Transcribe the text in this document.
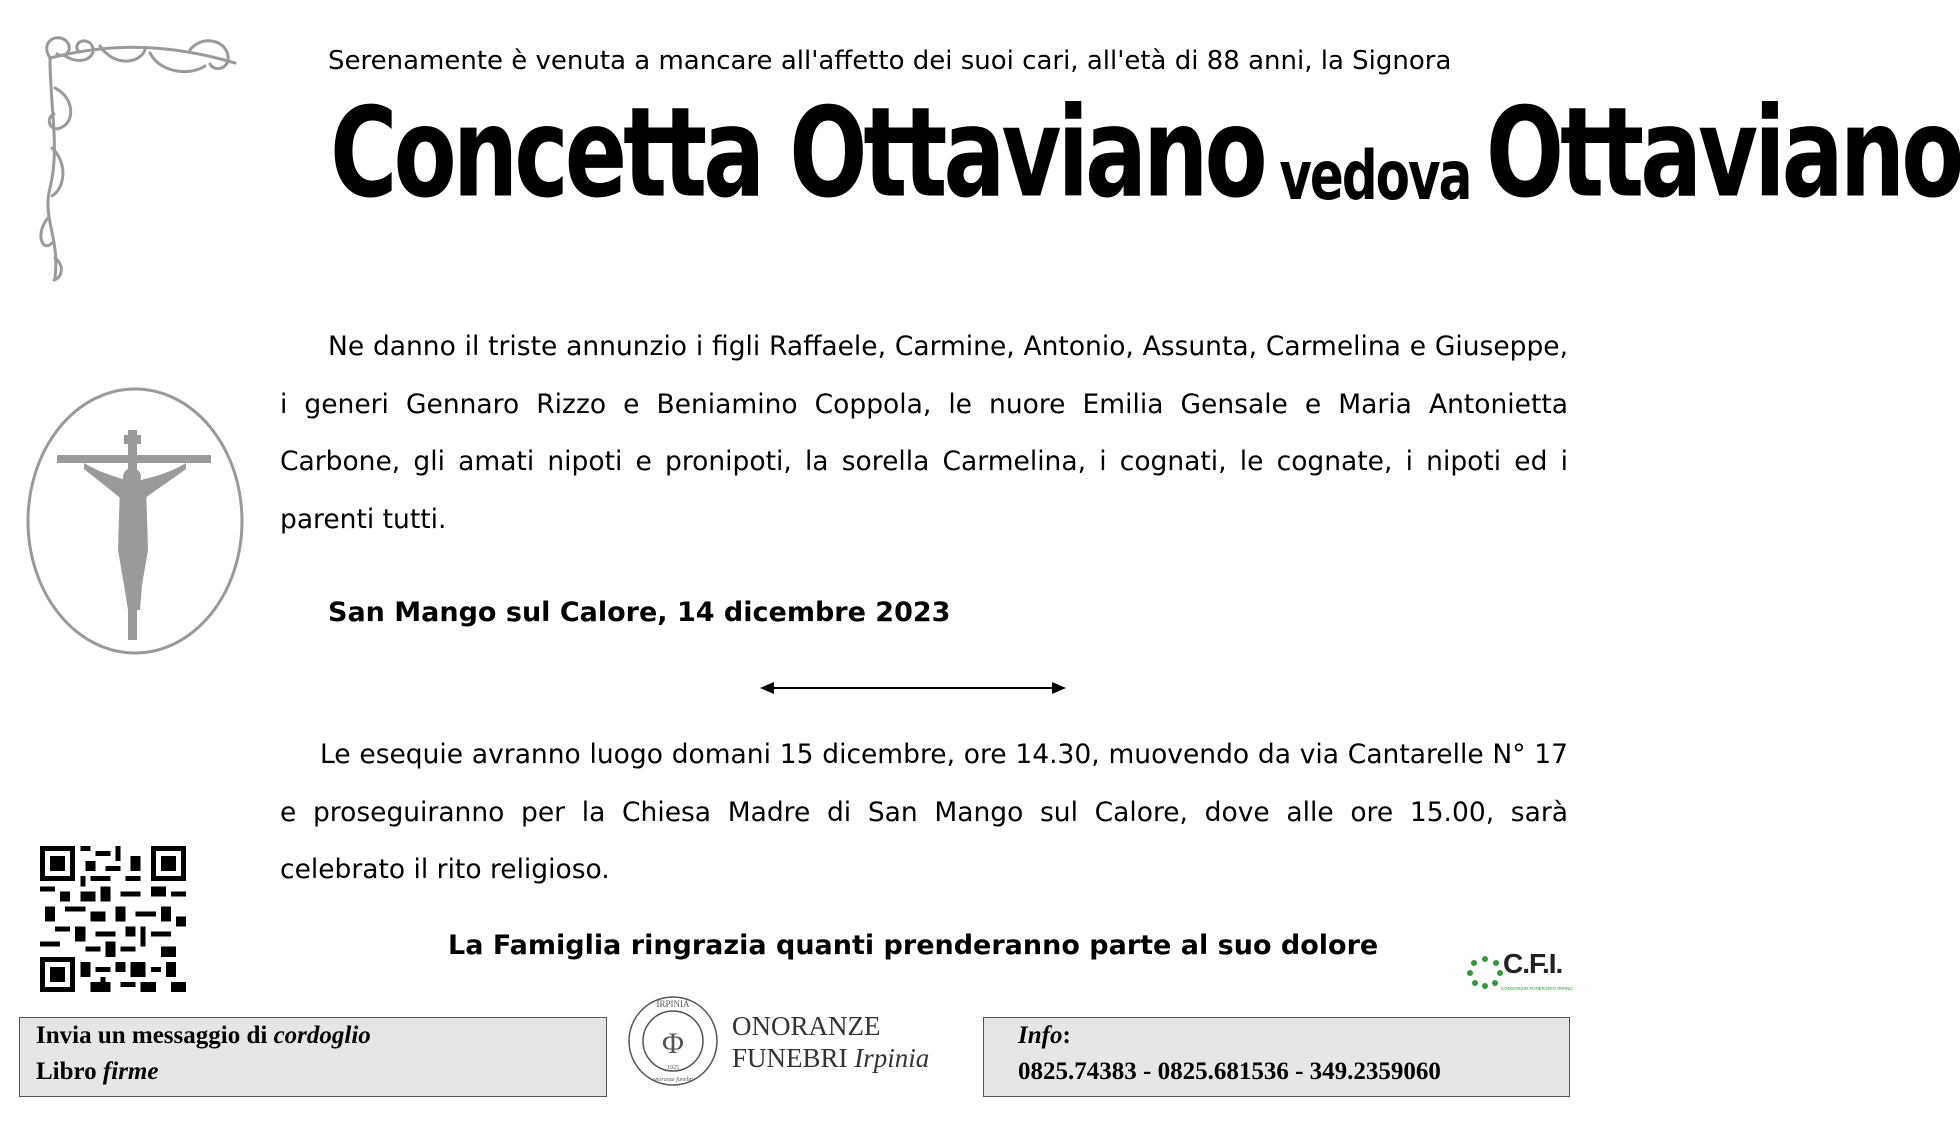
Serenamente è venuta a mancare all'affetto dei suoi cari, all'età di 88 anni, la Signora
Concetta Ottaviano vedova Ottaviano
Ne danno il triste annunzio i figli Raffaele, Carmine, Antonio, Assunta, Carmelina e Giuseppe, i generi Gennaro Rizzo e Beniamino Coppola, le nuore Emilia Gensale e Maria Antonietta Carbone, gli amati nipoti e pronipoti, la sorella Carmelina, i cognati, le cognate, i nipoti ed i parenti tutti.
San Mango sul Calore, 14 dicembre 2023
Le esequie avranno luogo domani 15 dicembre, ore 14.30, muovendo da via Cantarelle N° 17 e proseguiranno per la Chiesa Madre di San Mango sul Calore, dove alle ore 15.00, sarà celebrato il rito religioso.
La Famiglia ringrazia quanti prenderanno parte al suo dolore
C.F.I.
CONSORZIO FUNERARIO IRPINO
Invia un messaggio di cordoglio
Libro firme
IRPINIA
Φ
1925
onoranze funebri
ONORANZE
FUNEBRI Irpinia
Info:
0825.74383 - 0825.681536 - 349.2359060
